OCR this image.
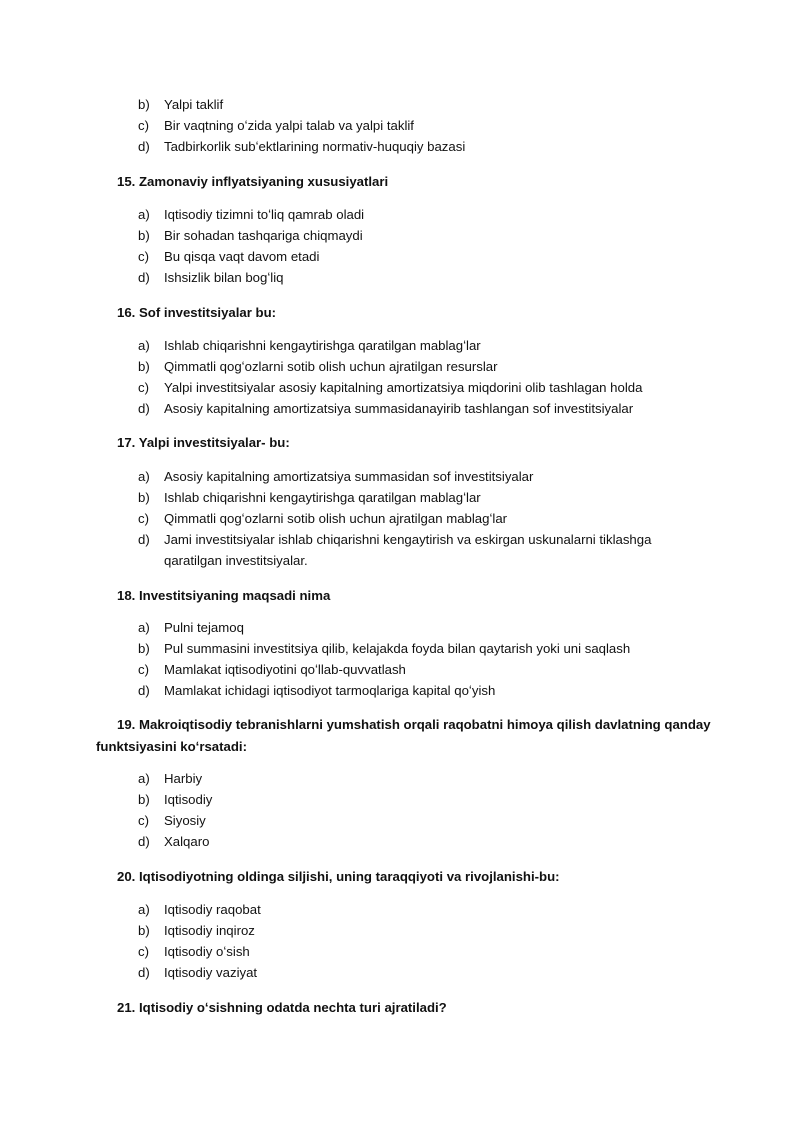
b) Yalpi taklif
c) Bir vaqtning oʻzida yalpi talab va yalpi taklif
d) Tadbirkorlik subʻektlarining normativ-huquqiy bazasi
15. Zamonaviy inflyatsiyaning xususiyatlari
a) Iqtisodiy tizimni toʻliq qamrab oladi
b) Bir sohadan tashqariga chiqmaydi
c) Bu qisqa vaqt davom etadi
d) Ishsizlik bilan bogʻliq
16. Sof investitsiyalar bu:
a) Ishlab chiqarishni kengaytirishga qaratilgan mablagʻlar
b) Qimmatli qogʻozlarni sotib olish uchun ajratilgan resurslar
c) Yalpi investitsiyalar asosiy kapitalning amortizatsiya miqdorini olib tashlagan holda
d) Asosiy kapitalning amortizatsiya summasidanayirib tashlangan sof investitsiyalar
17. Yalpi investitsiyalar- bu:
a) Asosiy kapitalning amortizatsiya summasidan sof investitsiyalar
b) Ishlab chiqarishni kengaytirishga qaratilgan mablagʻlar
c) Qimmatli qogʻozlarni sotib olish uchun ajratilgan mablagʻlar
d) Jami investitsiyalar ishlab chiqarishni kengaytirish va eskirgan uskunalarni tiklashga qaratilgan investitsiyalar.
18. Investitsiyaning maqsadi nima
a) Pulni tejamoq
b) Pul summasini investitsiya qilib, kelajakda foyda bilan qaytarish yoki uni saqlash
c) Mamlakat iqtisodiyotini qoʻllab-quvvatlash
d) Mamlakat ichidagi iqtisodiyot tarmoqlariga kapital qoʻyish
19. Makroiqtisodiy tebranishlarni yumshatish orqali raqobatni himoya qilish davlatning qanday funktsiyasini koʻrsatadi:
a) Harbiy
b) Iqtisodiy
c) Siyosiy
d) Xalqaro
20. Iqtisodiyotning oldinga siljishi, uning taraqqiyoti va rivojlanishi-bu:
a) Iqtisodiy raqobat
b) Iqtisodiy inqiroz
c) Iqtisodiy oʻsish
d) Iqtisodiy vaziyat
21. Iqtisodiy oʻsishning odatda nechta turi ajratiladi?
